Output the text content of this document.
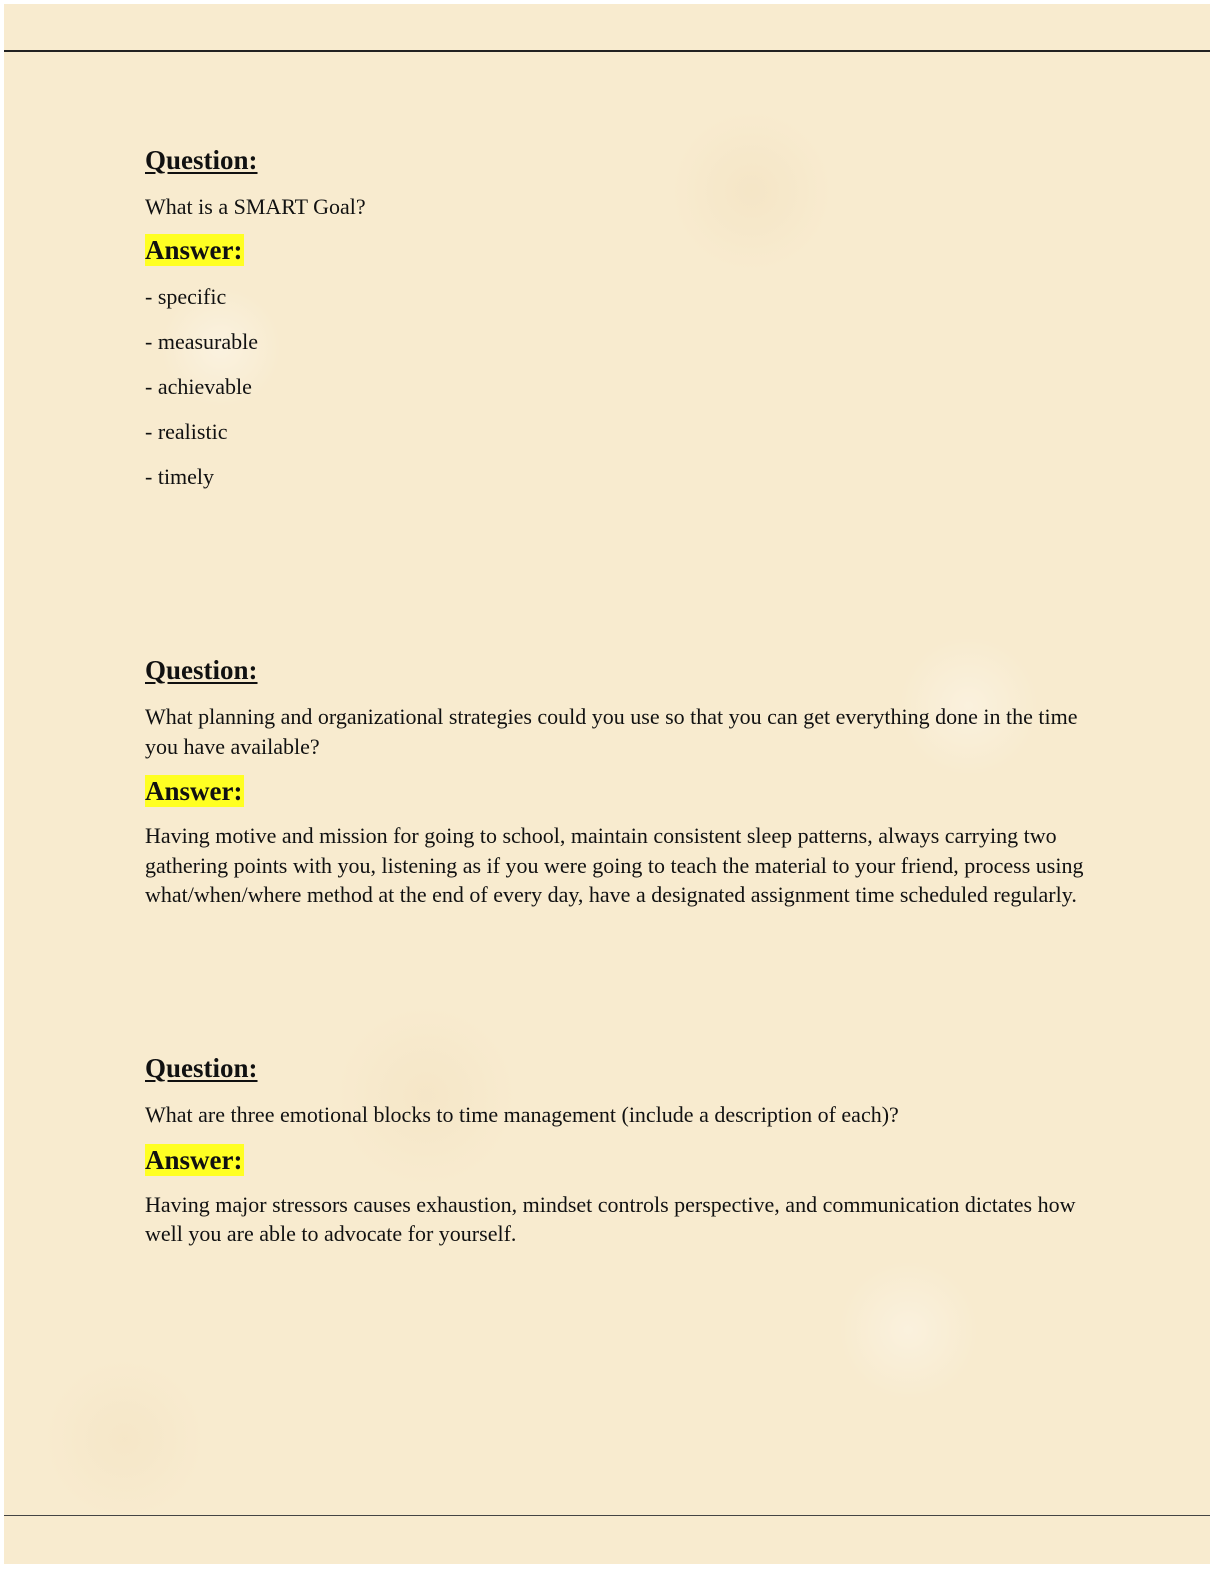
Question:
What is a SMART Goal?
Answer:
- specific
- measurable
- achievable
- realistic
- timely
Question:
What planning and organizational strategies could you use so that you can get everything done in the time you have available?
Answer:
Having motive and mission for going to school, maintain consistent sleep patterns, always carrying two gathering points with you, listening as if you were going to teach the material to your friend, process using what/when/where method at the end of every day, have a designated assignment time scheduled regularly.
Question:
What are three emotional blocks to time management (include a description of each)?
Answer:
Having major stressors causes exhaustion, mindset controls perspective, and communication dictates how well you are able to advocate for yourself.
